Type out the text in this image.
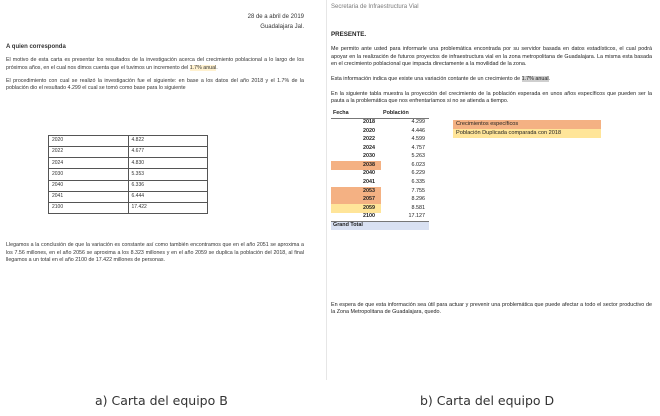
28 de a abril de 2019
Guadalajara Jal.
A quien corresponda

El motivo de esta carta es presentar los resultados de la investigación acerca del crecimiento poblacional a lo largo de los próximos años, en el cual nos dimos cuenta que el tuvimos un incremento del 1.7% anual.

El procedimiento con cual se realizó la investigación fue el siguiente: en base a los datos del año 2018 y el 1.7% de la población dio el resultado 4.299 el cual se tomó como base para lo siguiente

2020	4.822
2022	4.677
2024	4.830
2030	5.353
2040	6.336
2041	6.444
2100	17.422

Llegamos a la conclusión de que la variación es constante así como también encontramos que en el año 2051 se aproxima a los 7.56 millones, en el año 2056 se aproxima a los 8.323 millones y en el año 2059 se duplica la población del 2018, al final llegamos a un total en el año 2100 de 17.422 millones de personas.

Secretaria de Infraestructura Vial
PRESENTE.

Me permito ante usted para informarle una problemática encontrada por su servidor basada en datos estadísticos, el cual podrá apoyar en la realización de futuros proyectos de infraestructura vial en la zona metropolitana de Guadalajara. La misma esta basada en el crecimiento poblacional que impacta directamente a la movilidad de la zona.

Esta información indica que existe una variación contante de un crecimiento de 1.7% anual.

En la siguiente tabla muestra la proyección del crecimiento de la población esperada en unos años específicos que pueden ser la pauta a la problemática que nos enfrentaríamos si no se atienda a tiempo.

Fecha	Población
2018	4.299
2020	4.446
2022	4.599
2024	4.757
2030	5.263
2038	6.023
2040	6.229
2041	6.335
2053	7.755
2057	8.296
2059	8.581
2100	17.127
Grand Total	
Crecimientos específicos
Población Duplicada comparada con 2018

En espera de que esta información sea útil para actuar y prevenir una problemática que puede afectar a todo el sector productivo de la Zona Metropolitana de Guadalajara, quedo.

a) Carta del equipo B	b) Carta del equipo D
